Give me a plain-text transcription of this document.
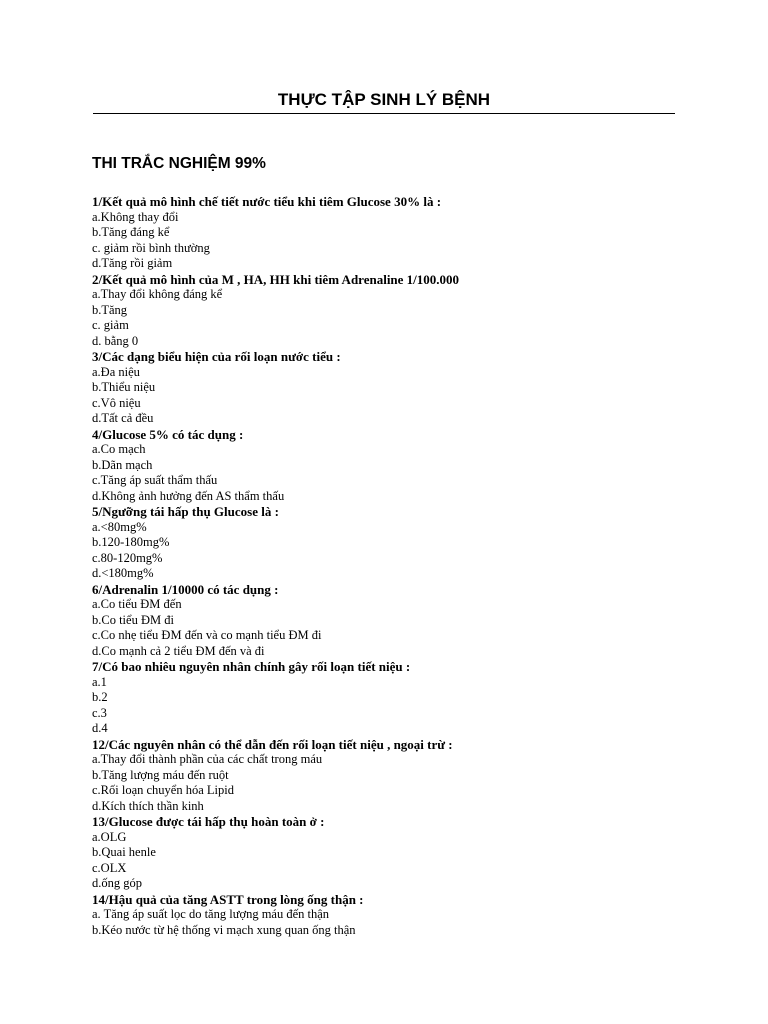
THỰC TẬP SINH LÝ BỆNH
THI TRẮC NGHIỆM 99%
1/Kết quả mô hình chế tiết nước tiểu khi tiêm Glucose 30% là :
a.Không thay đổi
b.Tăng đáng kể
c. giảm rồi bình thường
d.Tăng rồi giảm
2/Kết quả mô hình của M , HA, HH khi tiêm Adrenaline 1/100.000
a.Thay đổi không đáng kể
b.Tăng
c. giảm
d. bằng 0
3/Các dạng biểu hiện của rối loạn nước tiểu :
a.Đa niệu
b.Thiểu niệu
c.Vô niệu
d.Tất cả đều
4/Glucose 5% có tác dụng :
a.Co mạch
b.Dãn mạch
c.Tăng áp suất thẩm thấu
d.Không ảnh hưởng đến AS thẩm thấu
5/Ngưỡng tái hấp thụ Glucose là :
a.<80mg%
b.120-180mg%
c.80-120mg%
d.<180mg%
6/Adrenalin 1/10000 có tác dụng :
a.Co tiểu ĐM đến
b.Co tiểu ĐM đi
c.Co nhẹ tiểu ĐM đến và co mạnh tiểu ĐM đi
d.Co mạnh cả 2 tiểu ĐM đến và đi
7/Có bao nhiêu nguyên nhân chính gây rối loạn tiết niệu :
a.1
b.2
c.3
d.4
12/Các nguyên nhân có thể dẫn đến rối loạn tiết niệu , ngoại trừ :
a.Thay đổi thành phần của các chất trong máu
b.Tăng lượng máu đến ruột
c.Rối loạn chuyển hóa Lipid
d.Kích thích thần kinh
13/Glucose được tái hấp thụ hoàn toàn ở :
a.OLG
b.Quai henle
c.OLX
d.ống góp
14/Hậu quả của tăng ASTT trong lòng ống thận :
a. Tăng áp suất lọc do tăng lượng máu đến thận
b.Kéo nước từ hệ thống vi mạch xung quan ống thận
